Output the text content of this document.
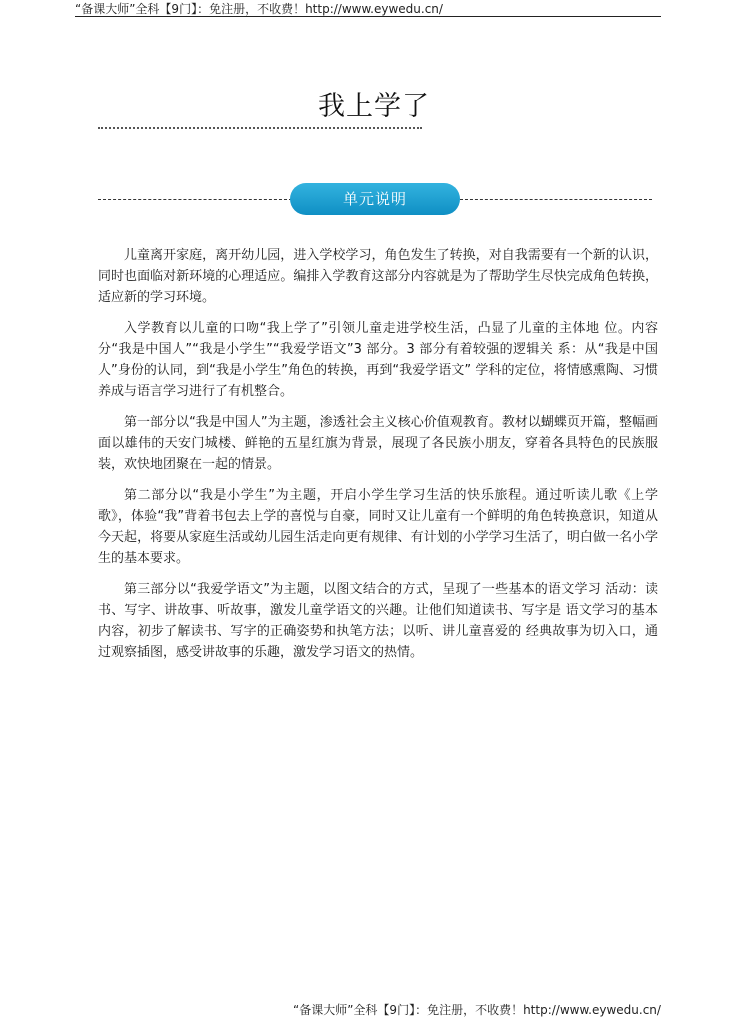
“备课大师”全科【9门】：免注册，不收费！http://www.eywedu.cn/
我上学了
单元说明

儿童离开家庭，离开幼儿园，进入学校学习，角色发生了转换，对自我需要有一个新的认识，同时也面临对新环境的心理适应。编排入学教育这部分内容就是为了帮助学生尽快完成角色转换，适应新的学习环境。

入学教育以儿童的口吻“我上学了”引领儿童走进学校生活，凸显了儿童的主体地 位。内容分“我是中国人”“我是小学生”“我爱学语文”3 部分。3 部分有着较强的逻辑关 系：从“我是中国人”身份的认同，到“我是小学生”角色的转换，再到“我爱学语文” 学科的定位，将情感熏陶、习惯养成与语言学习进行了有机整合。

第一部分以“我是中国人”为主题，渗透社会主义核心价值观教育。教材以蝴蝶页开篇，整幅画面以雄伟的天安门城楼、鲜艳的五星红旗为背景，展现了各民族小朋友，穿着各具特色的民族服装，欢快地团聚在一起的情景。

第二部分以“我是小学生”为主题，开启小学生学习生活的快乐旅程。通过听读儿歌《上学歌》，体验“我”背着书包去上学的喜悦与自豪，同时又让儿童有一个鲜明的角色转换意识，知道从今天起，将要从家庭生活或幼儿园生活走向更有规律、有计划的小学学习生活了，明白做一名小学生的基本要求。

第三部分以“我爱学语文”为主题，以图文结合的方式，呈现了一些基本的语文学习 活动：读书、写字、讲故事、听故事，激发儿童学语文的兴趣。让他们知道读书、写字是 语文学习的基本内容，初步了解读书、写字的正确姿势和执笔方法；以听、讲儿童喜爱的 经典故事为切入口，通过观察插图，感受讲故事的乐趣，激发学习语文的热情。

“备课大师”全科【9门】：免注册，不收费！http://www.eywedu.cn/
